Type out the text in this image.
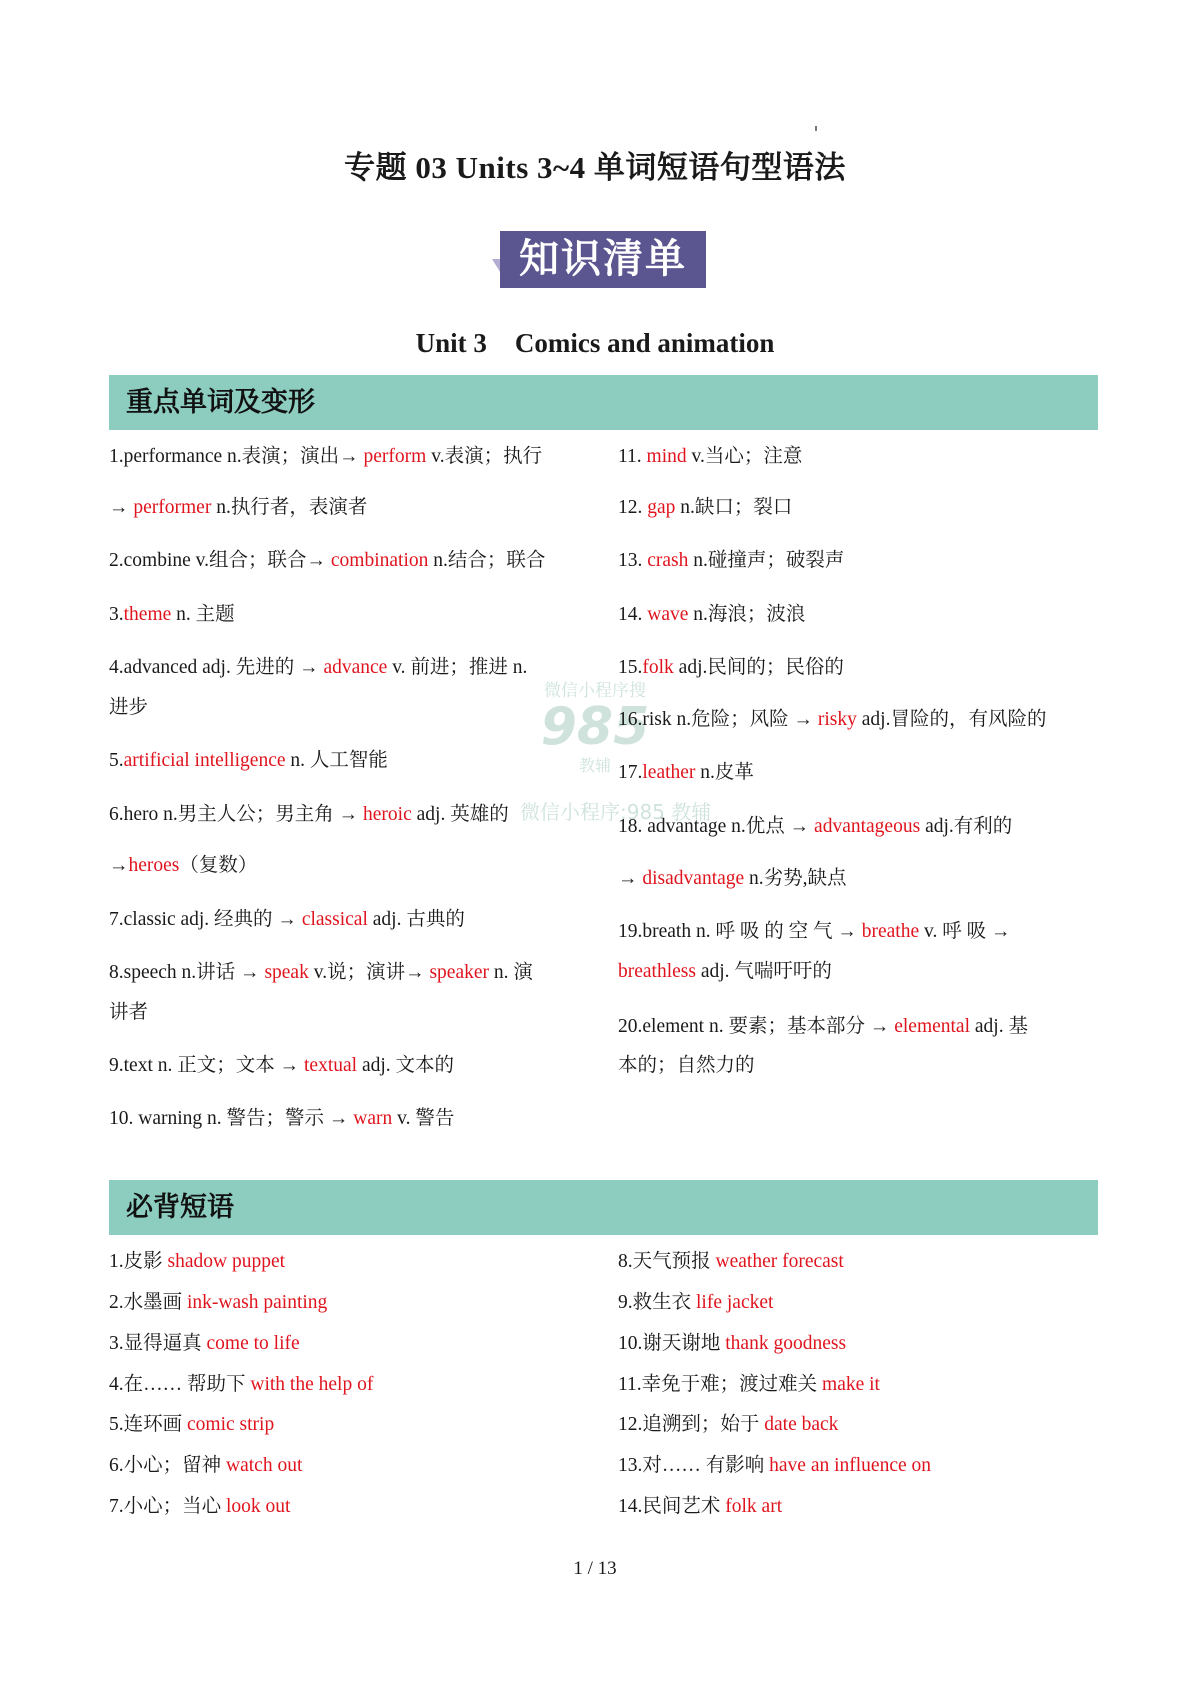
专题 03 Units 3~4 单词短语句型语法
知识清单
Unit 3 Comics and animation
微信小程序搜
985
教辅
微信小程序:985 教辅
重点单词及变形
1.performance n.表演；演出→ perform v.表演；执行
→ performer n.执行者，表演者
2.combine v.组合；联合→ combination n.结合；联合
3.theme n. 主题
4.advanced adj. 先进的 → advance v. 前进；推进 n.
进步
5.artificial intelligence n. 人工智能
6.hero n.男主人公；男主角 → heroic adj. 英雄的
→heroes（复数）
7.classic adj. 经典的 → classical adj. 古典的
8.speech n.讲话 → speak v.说；演讲→ speaker n. 演
讲者
9.text n. 正文；文本 → textual adj. 文本的
10. warning n. 警告；警示 → warn v. 警告
11. mind v.当心；注意
12. gap n.缺口；裂口
13. crash n.碰撞声；破裂声
14. wave n.海浪；波浪
15.folk adj.民间的；民俗的
16.risk n.危险；风险 → risky adj.冒险的，有风险的
17.leather n.皮革
18. advantage n.优点 → advantageous adj.有利的
→ disadvantage n.劣势,缺点
19.breath n. 呼 吸 的 空 气 → breathe v. 呼 吸 →
breathless adj. 气喘吁吁的
20.element n. 要素；基本部分 → elemental adj. 基
本的；自然力的
必背短语
1.皮影 shadow puppet
2.水墨画 ink-wash painting
3.显得逼真 come to life
4.在…… 帮助下 with the help of
5.连环画 comic strip
6.小心；留神 watch out
7.小心；当心 look out
8.天气预报 weather forecast
9.救生衣 life jacket
10.谢天谢地 thank goodness
11.幸免于难；渡过难关 make it
12.追溯到；始于 date back
13.对…… 有影响 have an influence on
14.民间艺术 folk art
1 / 13
